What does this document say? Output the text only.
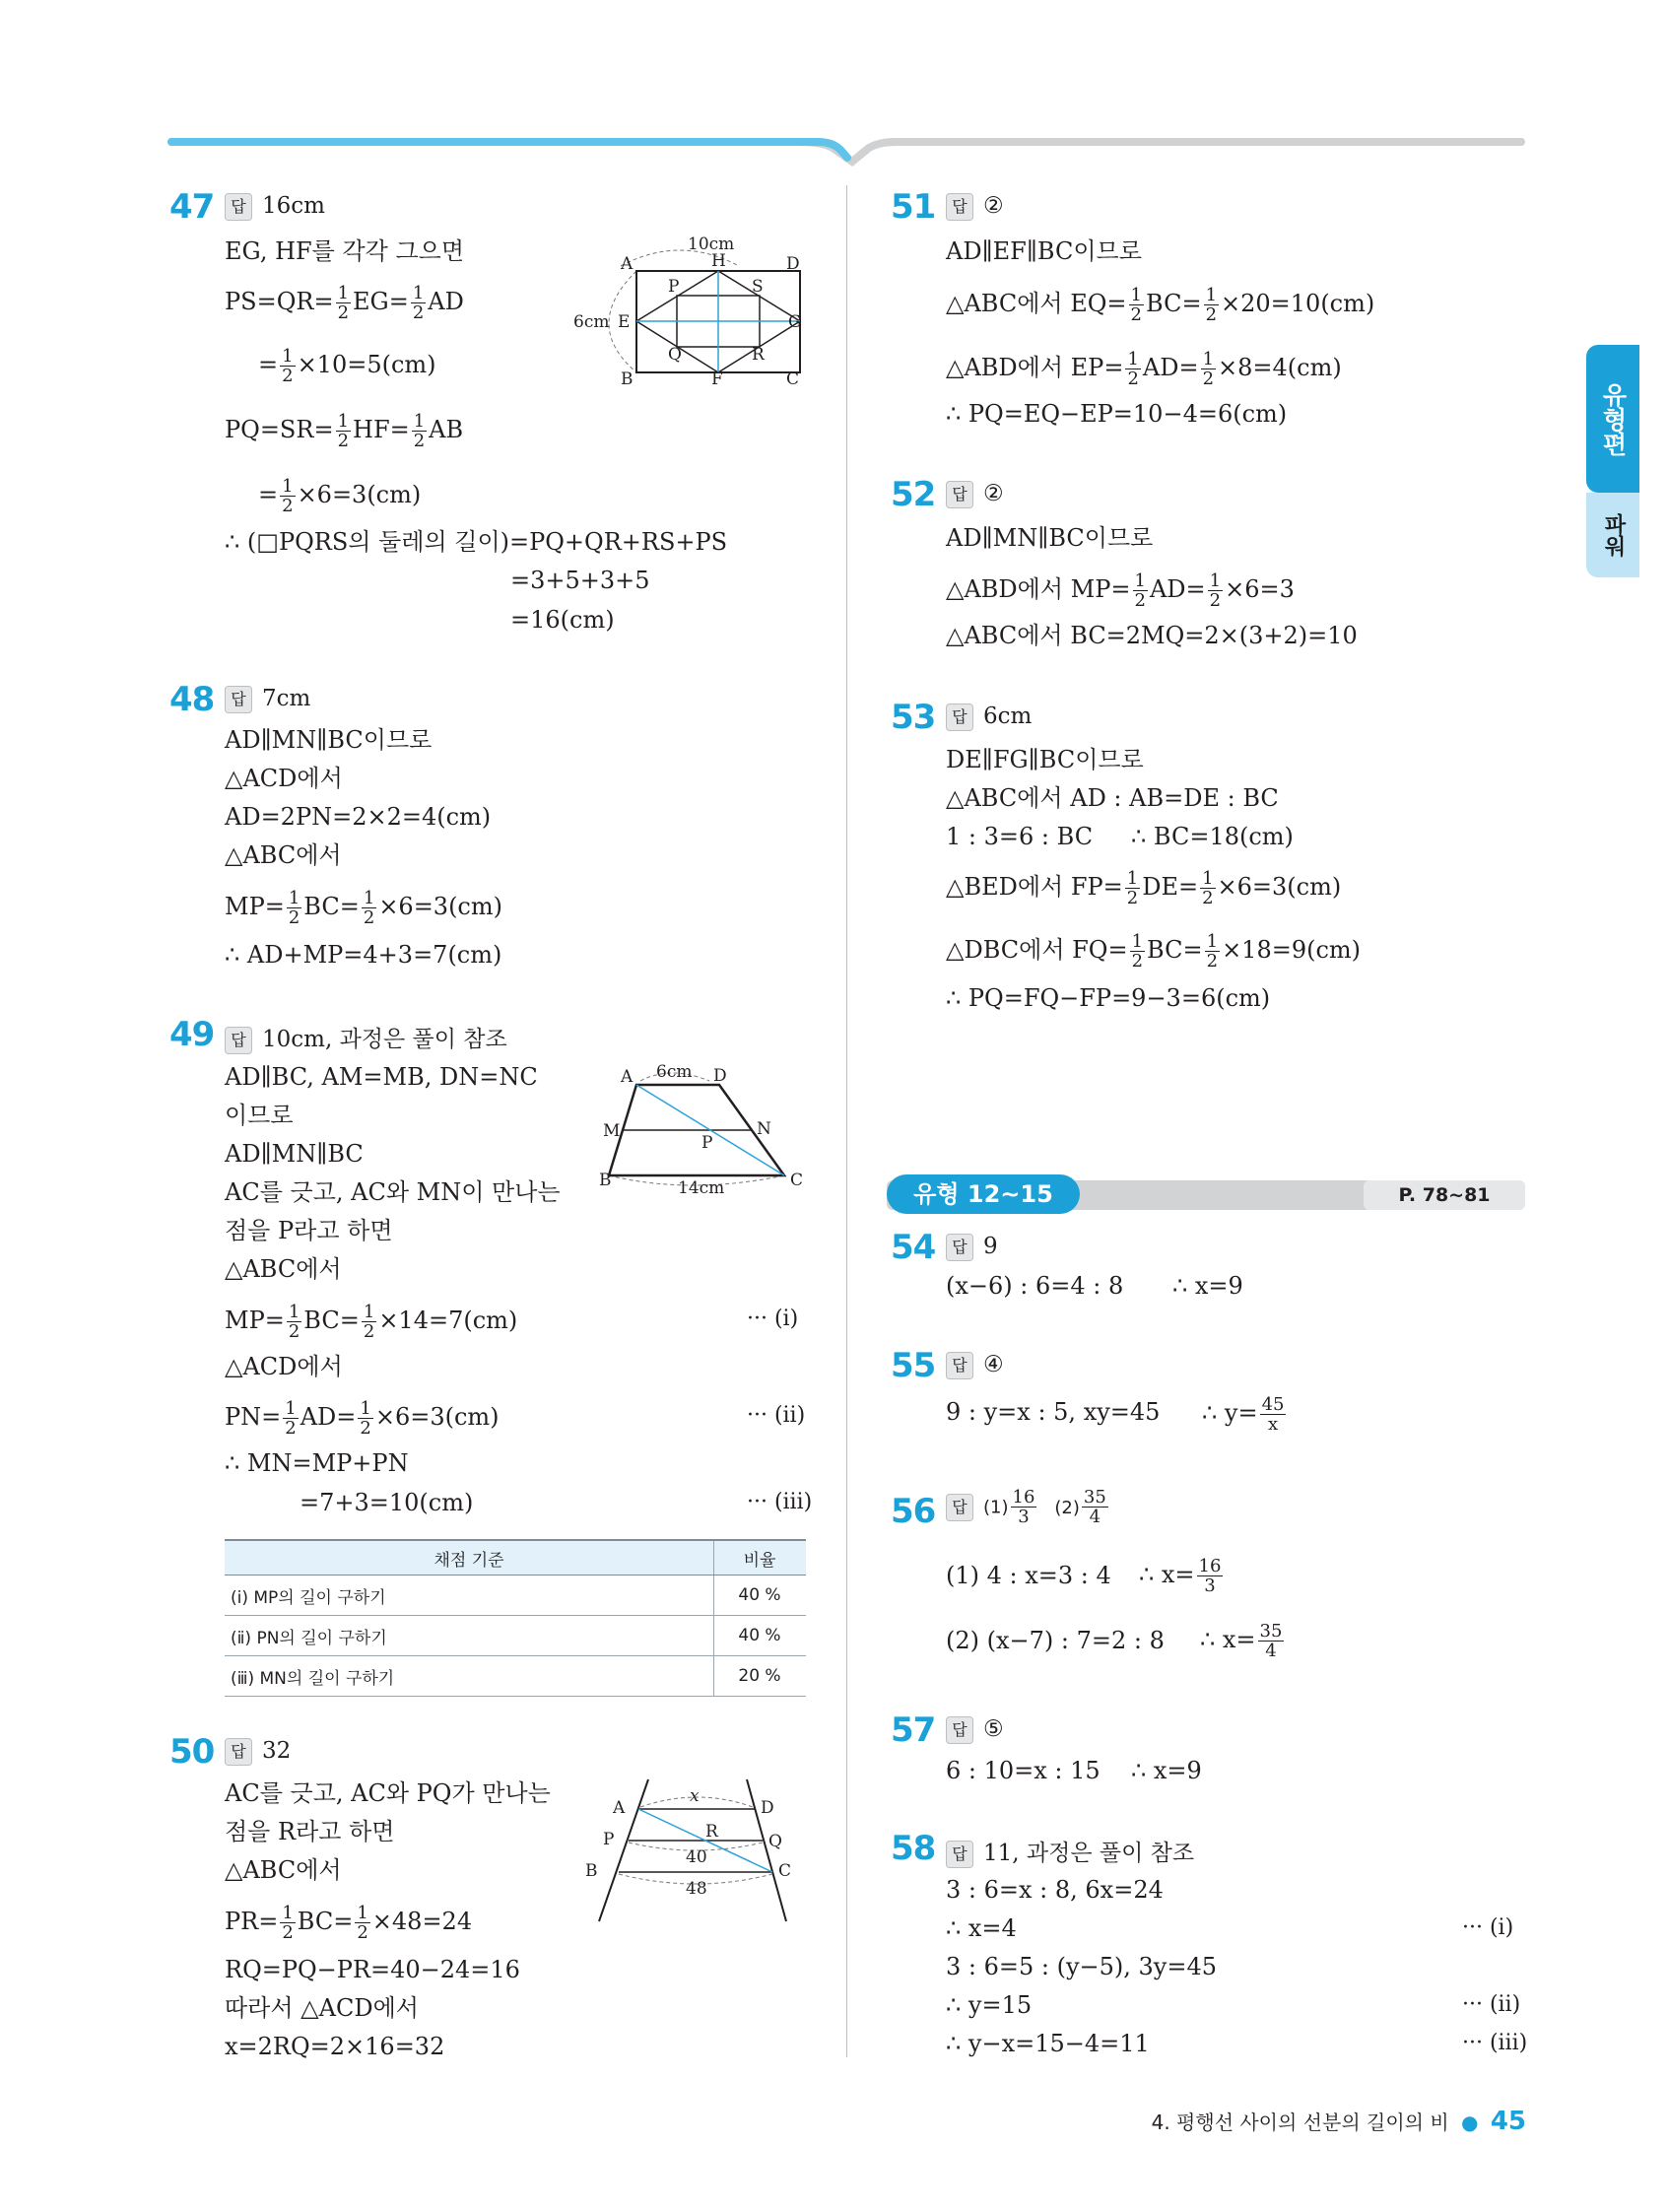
유형편
파워
47	답 16cm
EG, HF를 각각 그으면
$PS=QR= \frac{1}{2} EG= \frac{1}{2}$ AD
= $\frac{1}{2} \times 10=5(cm)$
$PQ=SR= \frac{1}{2} HF= \frac{1}{2}$ AB
= $\frac{1}{2} \times 6=3(cm)$
∴ (□PQRS의 둘레의 길이)=PQ+QR+RS+PS
=3+5+3+5
=16(cm)
10cm
A	H	D
P	S
6cm E	G
Q	R
B	F	C
48	답 7cm
AD∥MN∥BC이므로
△ACD에서
AD=2PN=2×2=4(cm)
△ABC에서
$MP= \frac{1}{2} BC= \frac{1}{2} \times 6=3(cm)$
∴ AD+MP=4+3=7(cm)
49	답 10cm, 과정은 풀이 참조
AD∥BC, AM=MB, DN=NC
이므로
AD∥MN∥BC
AC를 긋고, AC와 MN이 만나는
점을 P라고 하면
△ABC에서
$MP= \frac{1}{2} BC= \frac{1}{2} \times 14=7(cm)$	··· (ⅰ)
△ACD에서
$PN= \frac{1}{2} AD= \frac{1}{2} \times 6=3(cm)$	··· (ⅱ)
∴ MN=MP+PN
=7+3=10(cm)	··· (ⅲ)
A 6cm D
M
P
N
B	14cm	C
채점 기준	비율
(ⅰ) MP의 길이 구하기	40 %
(ⅱ) PN의 길이 구하기	40 %
(ⅲ) MN의 길이 구하기	20 %
50	답 32
AC를 긋고, AC와 PQ가 만나는
점을 R라고 하면
△ABC에서
$PR= \frac{1}{2} BC= \frac{1}{2} \times 48=24$
RQ=PQ−PR=40−24=16
따라서 △ACD에서
x=2RQ=2×16=32
x
A	D
P	R	Q
B
40
C
48
51	답 ②
AD∥EF∥BC이므로
△ABC에서 $EQ= \frac{1}{2} BC= \frac{1}{2} \times 20=10(cm)$
△ABD에서 $EP= \frac{1}{2} AD= \frac{1}{2} \times 8=4(cm)$
∴ PQ=EQ−EP=10−4=6(cm)
52	답 ②
AD∥MN∥BC이므로
△ABD에서 $MP= \frac{1}{2} AD= \frac{1}{2} \times 6=3$
△ABC에서 BC=2MQ=2×(3+2)=10
53	답 6cm
DE∥FG∥BC이므로
△ABC에서 AD : AB=DE : BC
1 : 3=6 : BC ∴ BC=18(cm)
△BED에서 $FP= \frac{1}{2} DE= \frac{1}{2} \times 6=3(cm)$
△DBC에서 $FQ= \frac{1}{2} BC= \frac{1}{2} \times 18=9(cm)$
∴ PQ=FQ−FP=9−3=6(cm)
유형 12~15	P. 78~81
54	답 9
(x−6) : 6=4 : 8 ∴ x=9
55	답 ④
9 : y=x : 5, xy=45 ∴ $y= \frac{45}{x}$
56	답 $(1) \frac{16}{3} (2) \frac{35}{4}$
(1) 4 : x=3 : 4 ∴ $x= \frac{16}{3}$
(2) (x−7) : 7=2 : 8 ∴ $x= \frac{35}{4}$
57	답 ⑤
6 : 10=x : 15 ∴ x=9
58	답 11, 과정은 풀이 참조
3 : 6=x : 8, 6x=24
∴ x=4	··· (ⅰ)
3 : 6=5 : (y−5), 3y=45
∴ y=15	··· (ⅱ)
∴ y−x=15−4=11	··· (ⅲ)
4. 평행선 사이의 선분의 길이의 비 ● 45
